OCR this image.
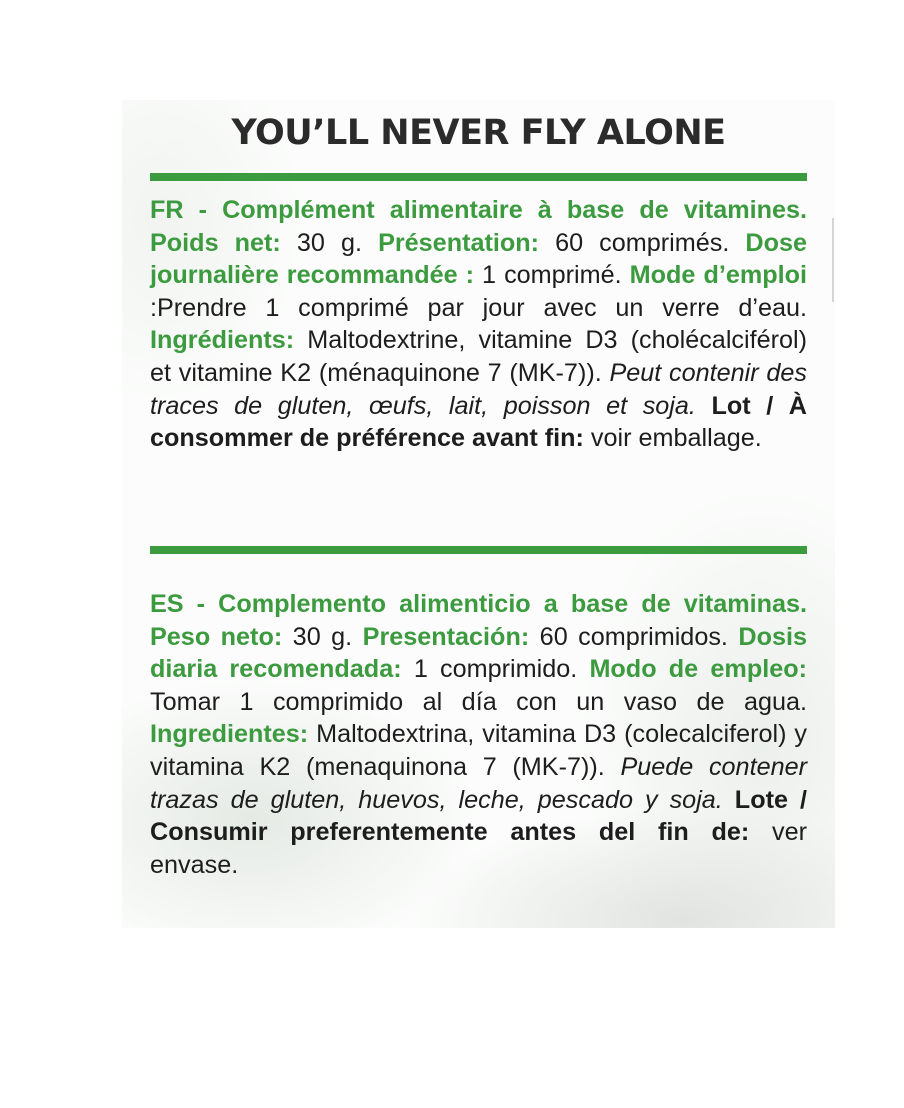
YOU’LL NEVER FLY ALONE

FR - Complément alimentaire à base de vitamines. Poids net: 30 g. Présentation: 60 comprimés. Dose journalière recommandée : 1 comprimé. Mode d’emploi :Prendre 1 comprimé par jour avec un verre d’eau. Ingrédients: Maltodextrine, vitamine D3 (cholécalciférol) et vitamine K2 (ménaquinone 7 (MK-7)). Peut contenir des traces de gluten, œufs, lait, poisson et soja. Lot / À consommer de préférence avant fin: voir emballage.

ES - Complemento alimenticio a base de vitaminas. Peso neto: 30 g. Presentación: 60 comprimidos. Dosis diaria recomendada: 1 comprimido. Modo de empleo: Tomar 1 comprimido al día con un vaso de agua. Ingredientes: Maltodextrina, vitamina D3 (colecalciferol) y vitamina K2 (menaquinona 7 (MK-7)). Puede contener trazas de gluten, huevos, leche, pescado y soja. Lote / Consumir preferentemente antes del fin de: ver envase.
